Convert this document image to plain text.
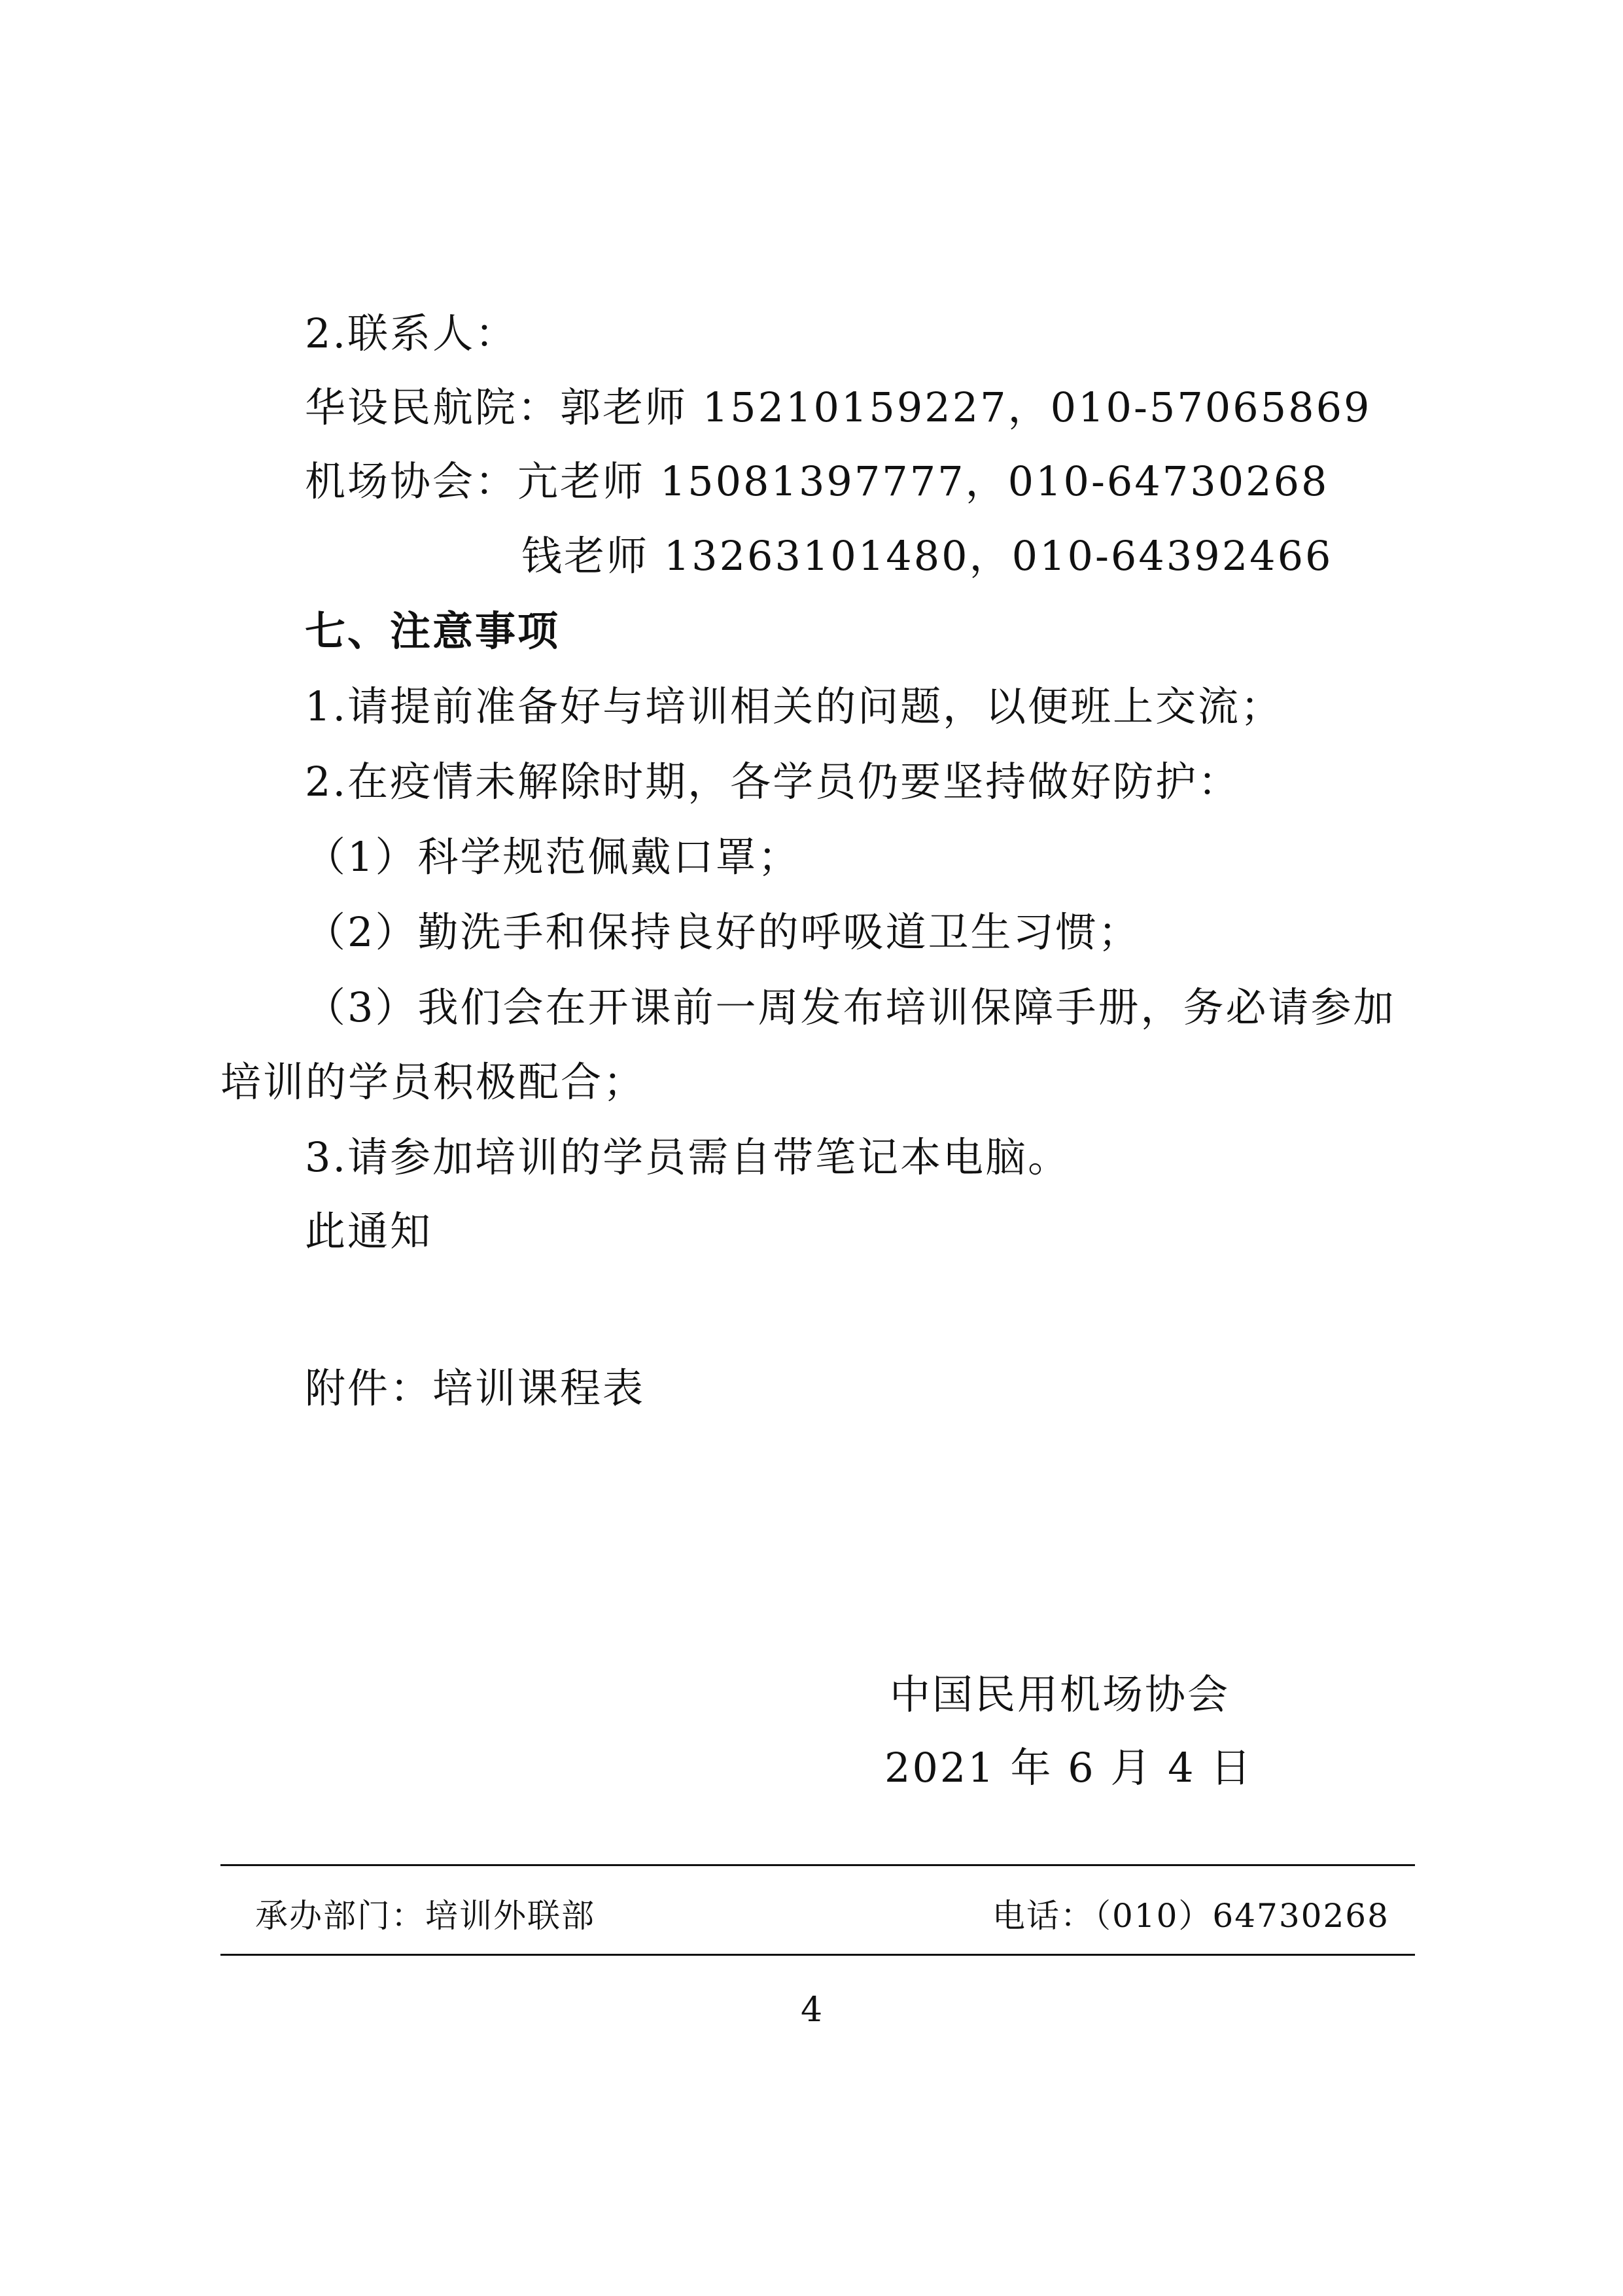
2.联系人：
华设民航院：郭老师 15210159227，010-57065869
机场协会：亢老师 15081397777，010-64730268
钱老师 13263101480，010-64392466
七、注意事项
1.请提前准备好与培训相关的问题，以便班上交流；
2.在疫情未解除时期，各学员仍要坚持做好防护：
（1）科学规范佩戴口罩；
（2）勤洗手和保持良好的呼吸道卫生习惯；
（3）我们会在开课前一周发布培训保障手册，务必请参加
培训的学员积极配合；
3.请参加培训的学员需自带笔记本电脑。
此通知
附件：培训课程表
中国民用机场协会
2021 年 6 月 4 日
承办部门：培训外联部	电话：（010）64730268
4
